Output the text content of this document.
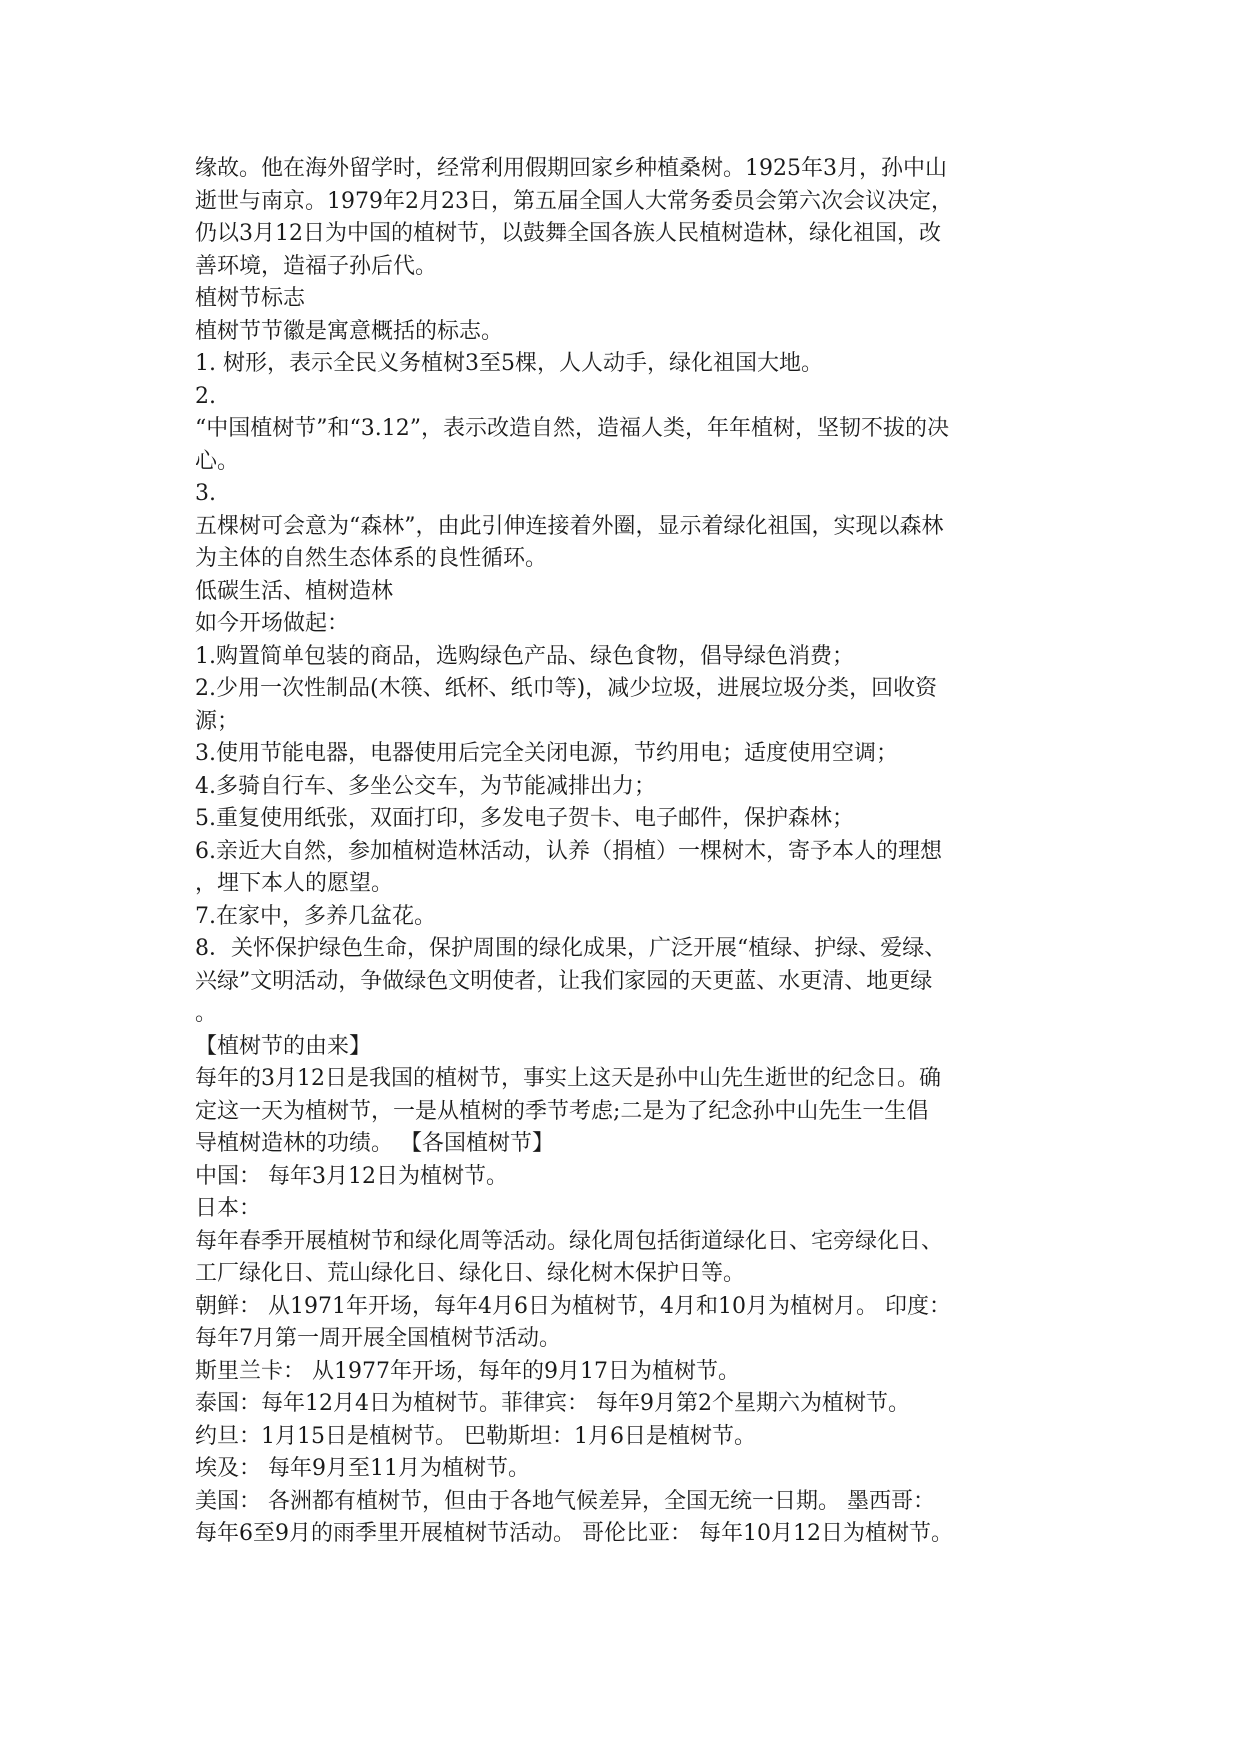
缘故。他在海外留学时，经常利用假期回家乡种植桑树。1925年3月，孙中山

逝世与南京。1979年2月23日，第五届全国人大常务委员会第六次会议决定，

仍以3月12日为中国的植树节，以鼓舞全国各族人民植树造林，绿化祖国，改

善环境，造福子孙后代。

植树节标志

植树节节徽是寓意概括的标志。

1. 树形，表示全民义务植树3至5棵，人人动手，绿化祖国大地。

2.

“中国植树节”和“3.12”，表示改造自然，造福人类，年年植树，坚韧不拔的决

心。

3.

五棵树可会意为“森林”，由此引伸连接着外圈，显示着绿化祖国，实现以森林

为主体的自然生态体系的良性循环。

低碳生活、植树造林

如今开场做起：

1.购置简单包装的商品，选购绿色产品、绿色食物，倡导绿色消费；

2.少用一次性制品(木筷、纸杯、纸巾等)，减少垃圾，进展垃圾分类，回收资

源；

3.使用节能电器，电器使用后完全关闭电源，节约用电；适度使用空调；

4.多骑自行车、多坐公交车，为节能减排出力；

5.重复使用纸张，双面打印，多发电子贺卡、电子邮件，保护森林；

6.亲近大自然，参加植树造林活动，认养（捐植）一棵树木，寄予本人的理想

，埋下本人的愿望。

7.在家中，多养几盆花。

8．关怀保护绿色生命，保护周围的绿化成果，广泛开展“植绿、护绿、爱绿、

兴绿”文明活动，争做绿色文明使者，让我们家园的天更蓝、水更清、地更绿

。

【植树节的由来】

每年的3月12日是我国的植树节，事实上这天是孙中山先生逝世的纪念日。确

定这一天为植树节，一是从植树的季节考虑;二是为了纪念孙中山先生一生倡

导植树造林的功绩。 【各国植树节】

中国： 每年3月12日为植树节。

日本：

每年春季开展植树节和绿化周等活动。绿化周包括街道绿化日、宅旁绿化日、

工厂绿化日、荒山绿化日、绿化日、绿化树木保护日等。

朝鲜： 从1971年开场，每年4月6日为植树节，4月和10月为植树月。 印度：

每年7月第一周开展全国植树节活动。

斯里兰卡： 从1977年开场，每年的9月17日为植树节。

泰国：每年12月4日为植树节。菲律宾： 每年9月第2个星期六为植树节。

约旦：1月15日是植树节。 巴勒斯坦：1月6日是植树节。

埃及： 每年9月至11月为植树节。

美国： 各洲都有植树节，但由于各地气候差异，全国无统一日期。 墨西哥：

每年6至9月的雨季里开展植树节活动。 哥伦比亚： 每年10月12日为植树节。
